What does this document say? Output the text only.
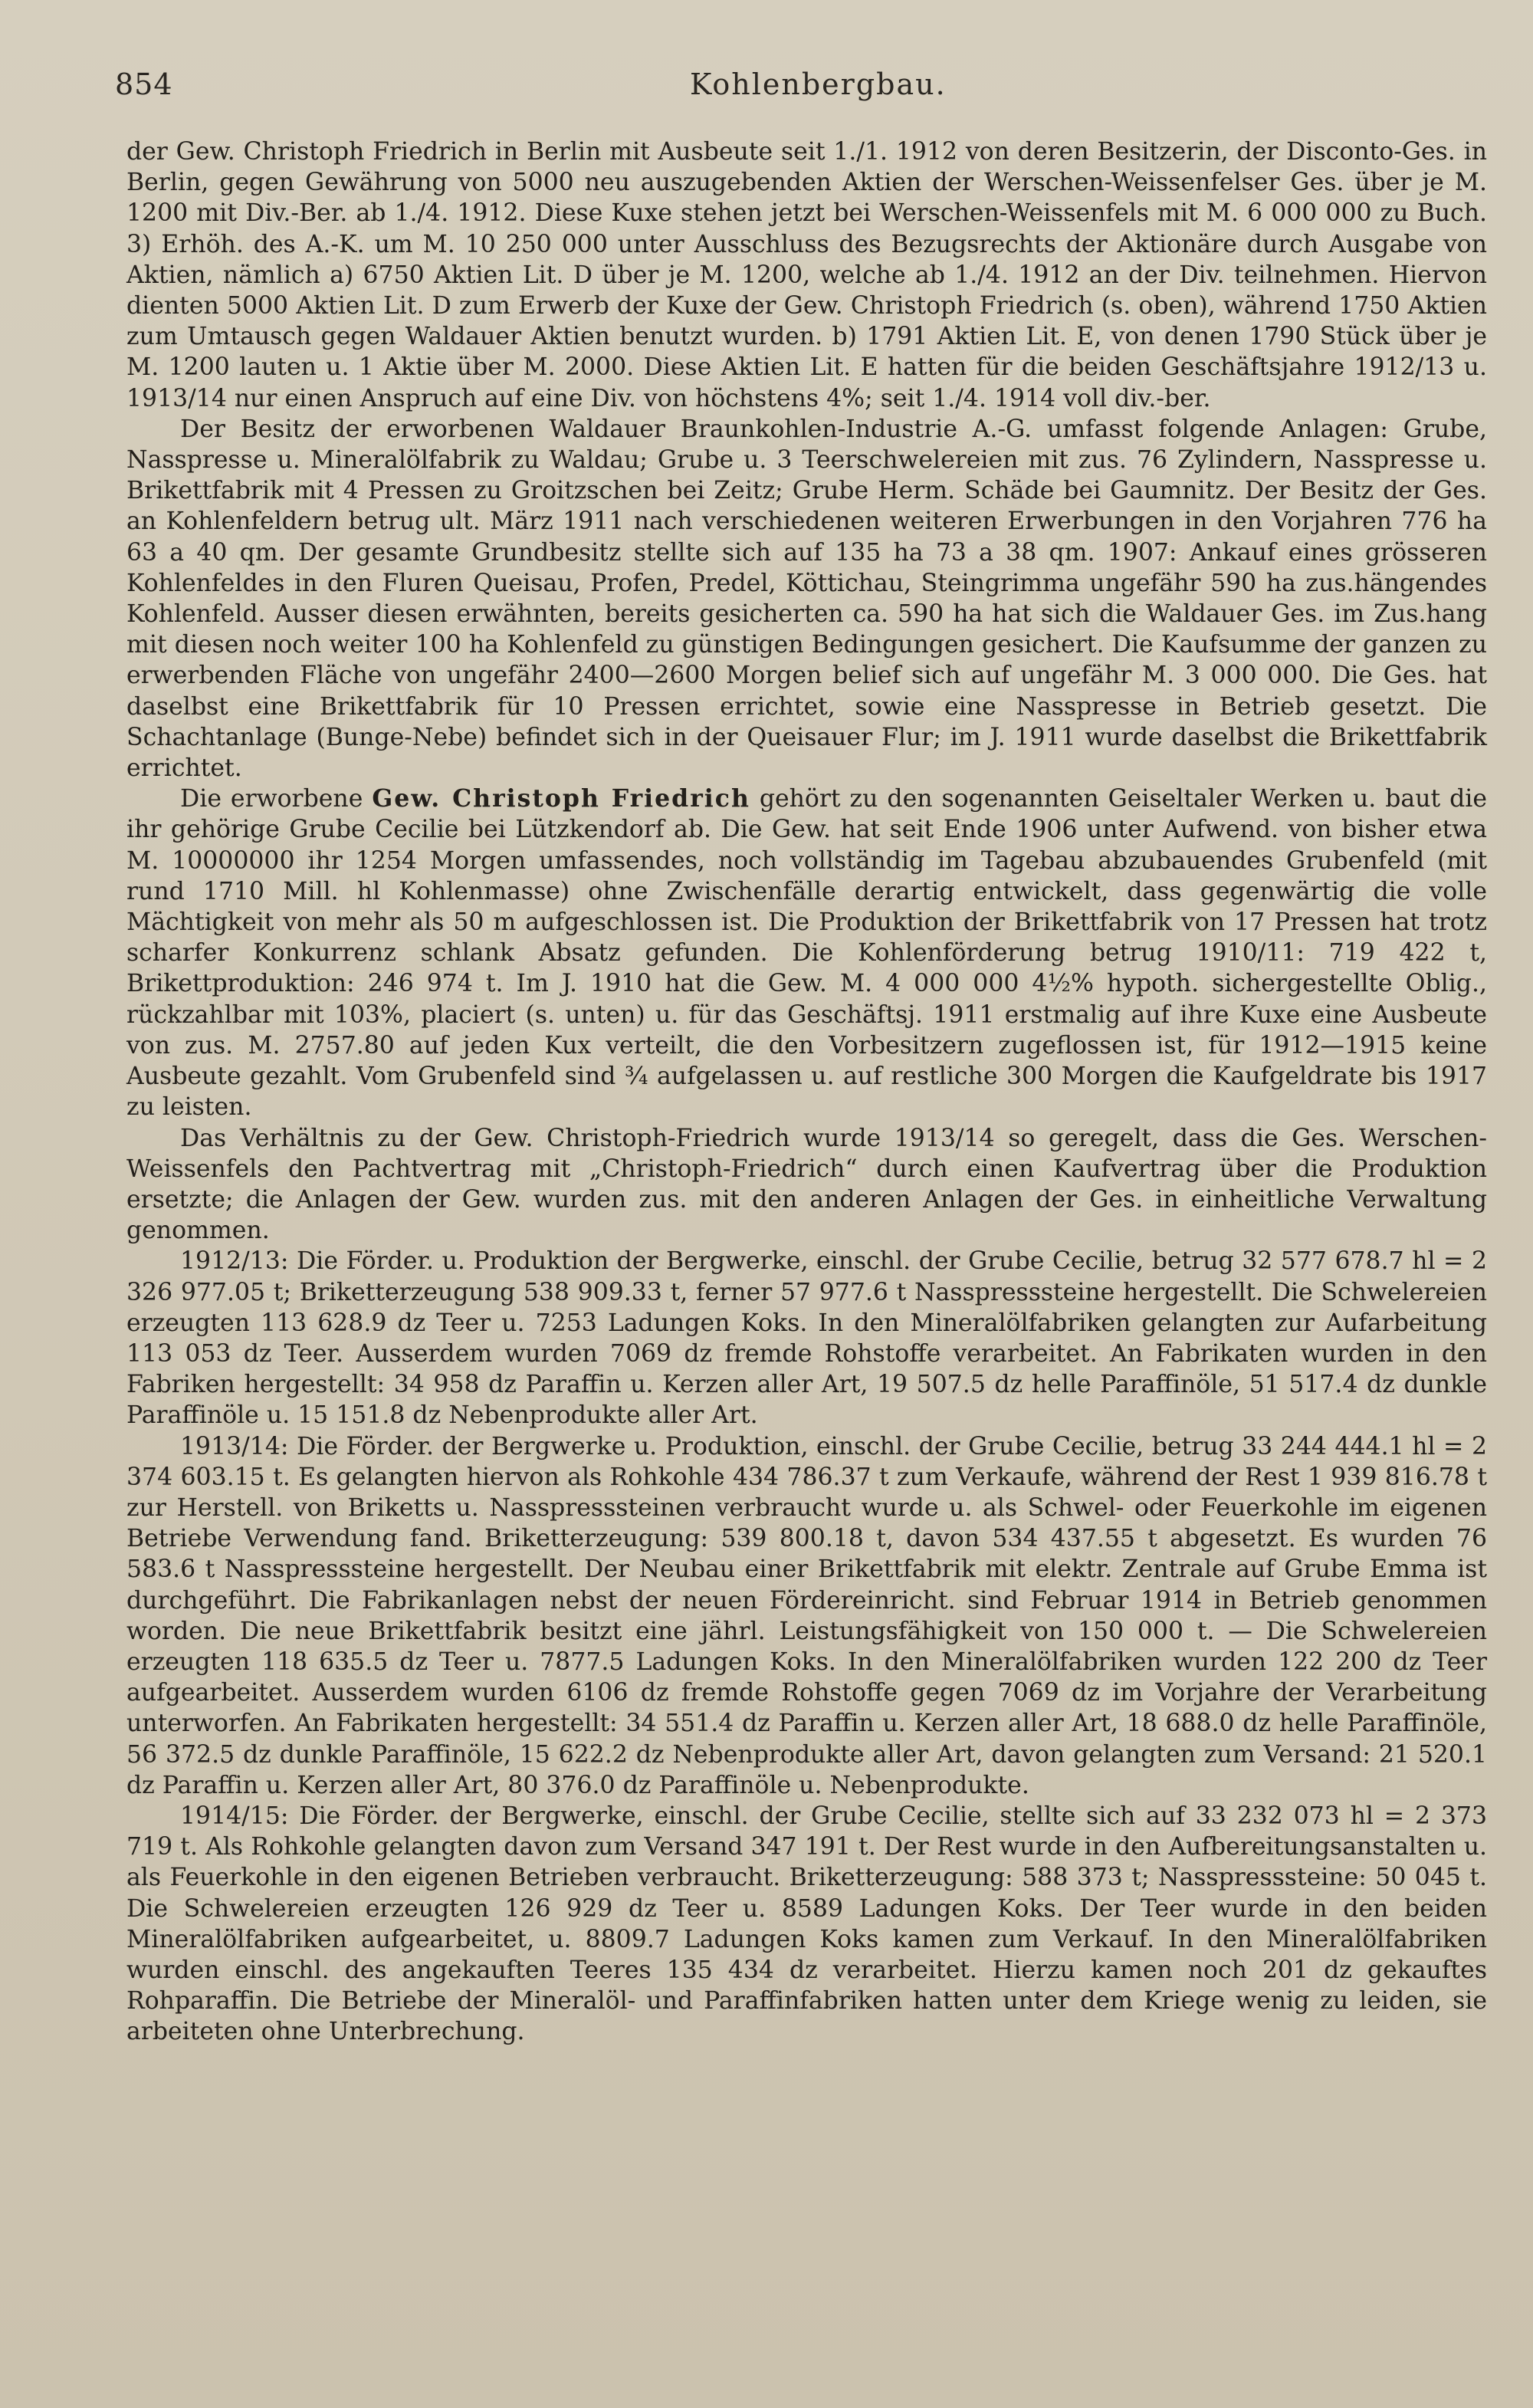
854	Kohlenbergbau.

der Gew. Christoph Friedrich in Berlin mit Ausbeute seit 1./1. 1912 von deren Besitzerin, der Disconto-Ges. in Berlin, gegen Gewährung von 5000 neu auszugebenden Aktien der Werschen-Weissenfelser Ges. über je M. 1200 mit Div.-Ber. ab 1./4. 1912. Diese Kuxe stehen jetzt bei Werschen-Weissenfels mit M. 6 000 000 zu Buch. 3) Erhöh. des A.-K. um M. 10 250 000 unter Ausschluss des Bezugsrechts der Aktionäre durch Ausgabe von Aktien, nämlich a) 6750 Aktien Lit. D über je M. 1200, welche ab 1./4. 1912 an der Div. teilnehmen. Hiervon dienten 5000 Aktien Lit. D zum Erwerb der Kuxe der Gew. Christoph Friedrich (s. oben), während 1750 Aktien zum Umtausch gegen Waldauer Aktien benutzt wurden. b) 1791 Aktien Lit. E, von denen 1790 Stück über je M. 1200 lauten u. 1 Aktie über M. 2000. Diese Aktien Lit. E hatten für die beiden Geschäftsjahre 1912/13 u. 1913/14 nur einen Anspruch auf eine Div. von höchstens 4%; seit 1./4. 1914 voll div.-ber.

Der Besitz der erworbenen Waldauer Braunkohlen-Industrie A.-G. umfasst folgende Anlagen: Grube, Nasspresse u. Mineralölfabrik zu Waldau; Grube u. 3 Teerschwelereien mit zus. 76 Zylindern, Nasspresse u. Brikettfabrik mit 4 Pressen zu Groitzschen bei Zeitz; Grube Herm. Schäde bei Gaumnitz. Der Besitz der Ges. an Kohlenfeldern betrug ult. März 1911 nach verschiedenen weiteren Erwerbungen in den Vorjahren 776 ha 63 a 40 qm. Der gesamte Grundbesitz stellte sich auf 135 ha 73 a 38 qm. 1907: Ankauf eines grösseren Kohlenfeldes in den Fluren Queisau, Profen, Predel, Köttichau, Steingrimma ungefähr 590 ha zus.hängendes Kohlenfeld. Ausser diesen erwähnten, bereits gesicherten ca. 590 ha hat sich die Waldauer Ges. im Zus.hang mit diesen noch weiter 100 ha Kohlenfeld zu günstigen Bedingungen gesichert. Die Kaufsumme der ganzen zu erwerbenden Fläche von ungefähr 2400—2600 Morgen belief sich auf ungefähr M. 3 000 000. Die Ges. hat daselbst eine Brikettfabrik für 10 Pressen errichtet, sowie eine Nasspresse in Betrieb gesetzt. Die Schachtanlage (Bunge-Nebe) befindet sich in der Queisauer Flur; im J. 1911 wurde daselbst die Brikettfabrik errichtet.

Die erworbene Gew. Christoph Friedrich gehört zu den sogenannten Geiseltaler Werken u. baut die ihr gehörige Grube Cecilie bei Lützkendorf ab. Die Gew. hat seit Ende 1906 unter Aufwend. von bisher etwa M. 10000000 ihr 1254 Morgen umfassendes, noch vollständig im Tagebau abzubauendes Grubenfeld (mit rund 1710 Mill. hl Kohlenmasse) ohne Zwischenfälle derartig entwickelt, dass gegenwärtig die volle Mächtigkeit von mehr als 50 m aufgeschlossen ist. Die Produktion der Brikettfabrik von 17 Pressen hat trotz scharfer Konkurrenz schlank Absatz gefunden. Die Kohlenförderung betrug 1910/11: 719 422 t, Brikettproduktion: 246 974 t. Im J. 1910 hat die Gew. M. 4 000 000 4½% hypoth. sichergestellte Oblig., rückzahlbar mit 103%, placiert (s. unten) u. für das Geschäftsj. 1911 erstmalig auf ihre Kuxe eine Ausbeute von zus. M. 2757.80 auf jeden Kux verteilt, die den Vorbesitzern zugeflossen ist, für 1912—1915 keine Ausbeute gezahlt. Vom Grubenfeld sind ¾ aufgelassen u. auf restliche 300 Morgen die Kaufgeldrate bis 1917 zu leisten.

Das Verhältnis zu der Gew. Christoph-Friedrich wurde 1913/14 so geregelt, dass die Ges. Werschen-Weissenfels den Pachtvertrag mit „Christoph-Friedrich“ durch einen Kaufvertrag über die Produktion ersetzte; die Anlagen der Gew. wurden zus. mit den anderen Anlagen der Ges. in einheitliche Verwaltung genommen.

1912/13: Die Förder. u. Produktion der Bergwerke, einschl. der Grube Cecilie, betrug 32 577 678.7 hl = 2 326 977.05 t; Briketterzeugung 538 909.33 t, ferner 57 977.6 t Nasspresssteine hergestellt. Die Schwelereien erzeugten 113 628.9 dz Teer u. 7253 Ladungen Koks. In den Mineralölfabriken gelangten zur Aufarbeitung 113 053 dz Teer. Ausserdem wurden 7069 dz fremde Rohstoffe verarbeitet. An Fabrikaten wurden in den Fabriken hergestellt: 34 958 dz Paraffin u. Kerzen aller Art, 19 507.5 dz helle Paraffinöle, 51 517.4 dz dunkle Paraffinöle u. 15 151.8 dz Nebenprodukte aller Art.

1913/14: Die Förder. der Bergwerke u. Produktion, einschl. der Grube Cecilie, betrug 33 244 444.1 hl = 2 374 603.15 t. Es gelangten hiervon als Rohkohle 434 786.37 t zum Verkaufe, während der Rest 1 939 816.78 t zur Herstell. von Briketts u. Nasspresssteinen verbraucht wurde u. als Schwel- oder Feuerkohle im eigenen Betriebe Verwendung fand. Briketterzeugung: 539 800.18 t, davon 534 437.55 t abgesetzt. Es wurden 76 583.6 t Nasspresssteine hergestellt. Der Neubau einer Brikettfabrik mit elektr. Zentrale auf Grube Emma ist durchgeführt. Die Fabrikanlagen nebst der neuen Fördereinricht. sind Februar 1914 in Betrieb genommen worden. Die neue Brikettfabrik besitzt eine jährl. Leistungsfähigkeit von 150 000 t. — Die Schwelereien erzeugten 118 635.5 dz Teer u. 7877.5 Ladungen Koks. In den Mineralölfabriken wurden 122 200 dz Teer aufgearbeitet. Ausserdem wurden 6106 dz fremde Rohstoffe gegen 7069 dz im Vorjahre der Verarbeitung unterworfen. An Fabrikaten hergestellt: 34 551.4 dz Paraffin u. Kerzen aller Art, 18 688.0 dz helle Paraffinöle, 56 372.5 dz dunkle Paraffinöle, 15 622.2 dz Nebenprodukte aller Art, davon gelangten zum Versand: 21 520.1 dz Paraffin u. Kerzen aller Art, 80 376.0 dz Paraffinöle u. Nebenprodukte.

1914/15: Die Förder. der Bergwerke, einschl. der Grube Cecilie, stellte sich auf 33 232 073 hl = 2 373 719 t. Als Rohkohle gelangten davon zum Versand 347 191 t. Der Rest wurde in den Aufbereitungsanstalten u. als Feuerkohle in den eigenen Betrieben verbraucht. Briketterzeugung: 588 373 t; Nasspresssteine: 50 045 t. Die Schwelereien erzeugten 126 929 dz Teer u. 8589 Ladungen Koks. Der Teer wurde in den beiden Mineralölfabriken aufgearbeitet, u. 8809.7 Ladungen Koks kamen zum Verkauf. In den Mineralölfabriken wurden einschl. des angekauften Teeres 135 434 dz verarbeitet. Hierzu kamen noch 201 dz gekauftes Rohparaffin. Die Betriebe der Mineralöl- und Paraffinfabriken hatten unter dem Kriege wenig zu leiden, sie arbeiteten ohne Unterbrechung.
